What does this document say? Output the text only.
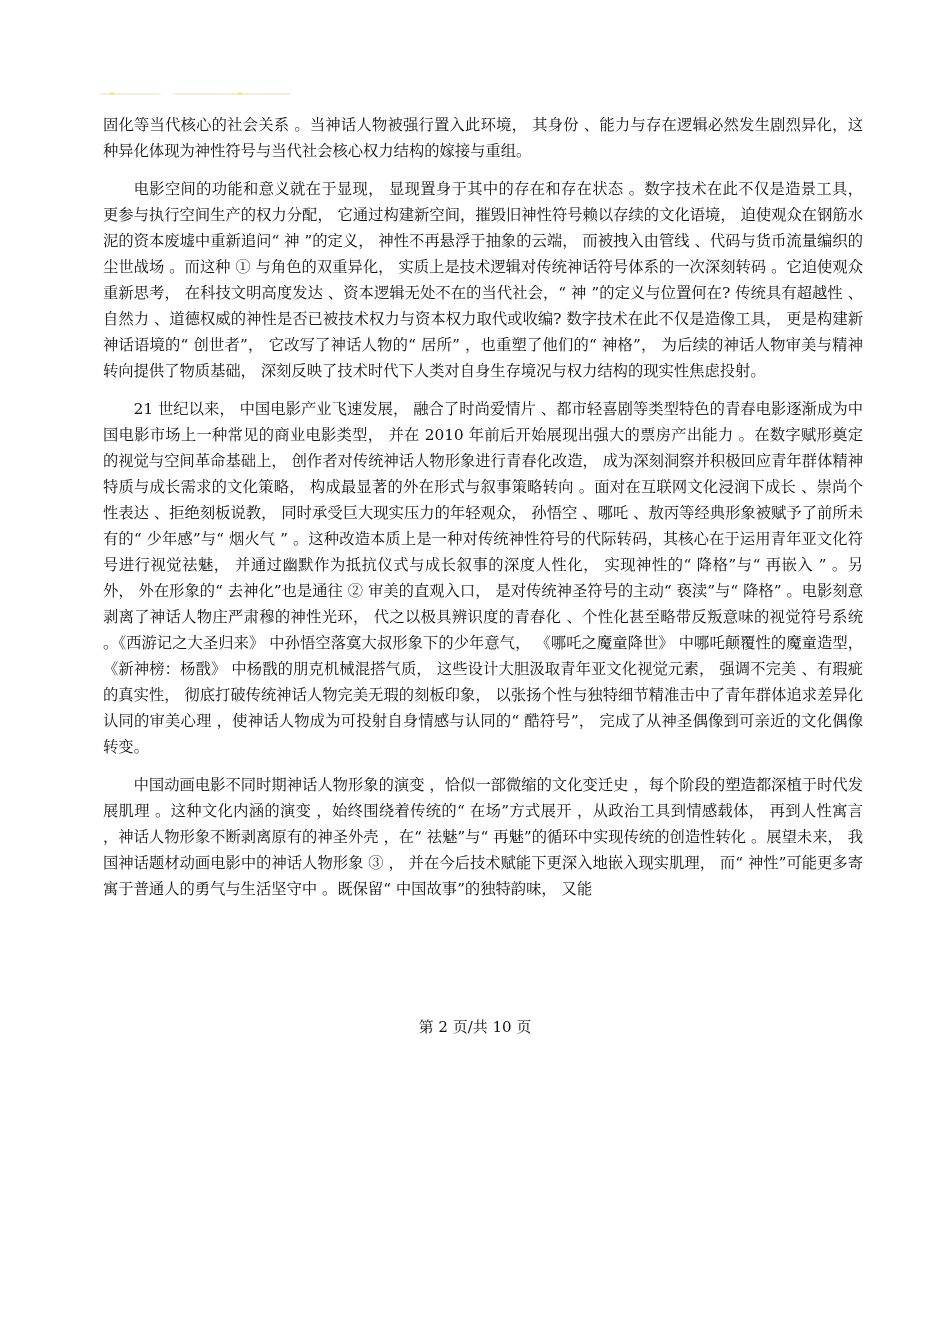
固化等当代核心的社会关系 。当神话人物被强行置入此环境， 其身份 、能力与存在逻辑必然发生剧烈异化，这种异化体现为神性符号与当代社会核心权力结构的嫁接与重组。

电影空间的功能和意义就在于显现， 显现置身于其中的存在和存在状态 。数字技术在此不仅是造景工具， 更参与执行空间生产的权力分配， 它通过构建新空间，摧毁旧神性符号赖以存续的文化语境， 迫使观众在钢筋水泥的资本废墟中重新追问“ 神 ”的定义， 神性不再悬浮于抽象的云端， 而被拽入由管线 、代码与货币流量编织的尘世战场 。而这种 ① 与角色的双重异化， 实质上是技术逻辑对传统神话符号体系的一次深刻转码 。它迫使观众重新思考， 在科技文明高度发达 、资本逻辑无处不在的当代社会，“ 神 ”的定义与位置何在? 传统具有超越性 、 自然力 、道德权威的神性是否已被技术权力与资本权力取代或收编? 数字技术在此不仅是造像工具， 更是构建新神话语境的“ 创世者”， 它改写了神话人物的“ 居所” ，也重塑了他们的“ 神格”， 为后续的神话人物审美与精神转向提供了物质基础， 深刻反映了技术时代下人类对自身生存境况与权力结构的现实性焦虑投射。

21 世纪以来， 中国电影产业飞速发展， 融合了时尚爱情片 、都市轻喜剧等类型特色的青春电影逐渐成为中国电影市场上一种常见的商业电影类型， 并在 2010 年前后开始展现出强大的票房产出能力 。在数字赋形奠定的视觉与空间革命基础上， 创作者对传统神话人物形象进行青春化改造， 成为深刻洞察并积极回应青年群体精神特质与成长需求的文化策略， 构成最显著的外在形式与叙事策略转向 。面对在互联网文化浸润下成长 、崇尚个性表达 、拒绝刻板说教， 同时承受巨大现实压力的年轻观众， 孙悟空 、哪吒 、敖丙等经典形象被赋予了前所未有的“ 少年感”与“ 烟火气 ” 。这种改造本质上是一种对传统神性符号的代际转码，其核心在于运用青年亚文化符号进行视觉祛魅， 并通过幽默作为抵抗仪式与成长叙事的深度人性化， 实现神性的“ 降格”与“ 再嵌入 ” 。另外， 外在形象的“ 去神化”也是通往 ② 审美的直观入口， 是对传统神圣符号的主动“ 亵渎”与“ 降格” 。电影刻意剥离了神话人物庄严肃穆的神性光环， 代之以极具辨识度的青春化 、个性化甚至略带反叛意味的视觉符号系统 。《西游记之大圣归来》 中孙悟空落寞大叔形象下的少年意气， 《哪吒之魔童降世》 中哪吒颠覆性的魔童造型， 《新神榜：杨戬》 中杨戬的朋克机械混搭气质， 这些设计大胆汲取青年亚文化视觉元素， 强调不完美 、有瑕疵的真实性， 彻底打破传统神话人物完美无瑕的刻板印象， 以张扬个性与独特细节精准击中了青年群体追求差异化认同的审美心理 ，使神话人物成为可投射自身情感与认同的“ 酷符号”， 完成了从神圣偶像到可亲近的文化偶像转变。

中国动画电影不同时期神话人物形象的演变 ，恰似一部微缩的文化变迁史 ，每个阶段的塑造都深植于时代发展肌理 。这种文化内涵的演变 ，始终围绕着传统的“ 在场”方式展开 ，从政治工具到情感载体， 再到人性寓言 ，神话人物形象不断剥离原有的神圣外壳 ，在“ 祛魅”与“ 再魅”的循环中实现传统的创造性转化 。展望未来， 我国神话题材动画电影中的神话人物形象 ③ ， 并在今后技术赋能下更深入地嵌入现实肌理， 而“ 神性”可能更多寄寓于普通人的勇气与生活坚守中 。既保留“ 中国故事”的独特韵味， 又能

第 2 页/共 10 页
